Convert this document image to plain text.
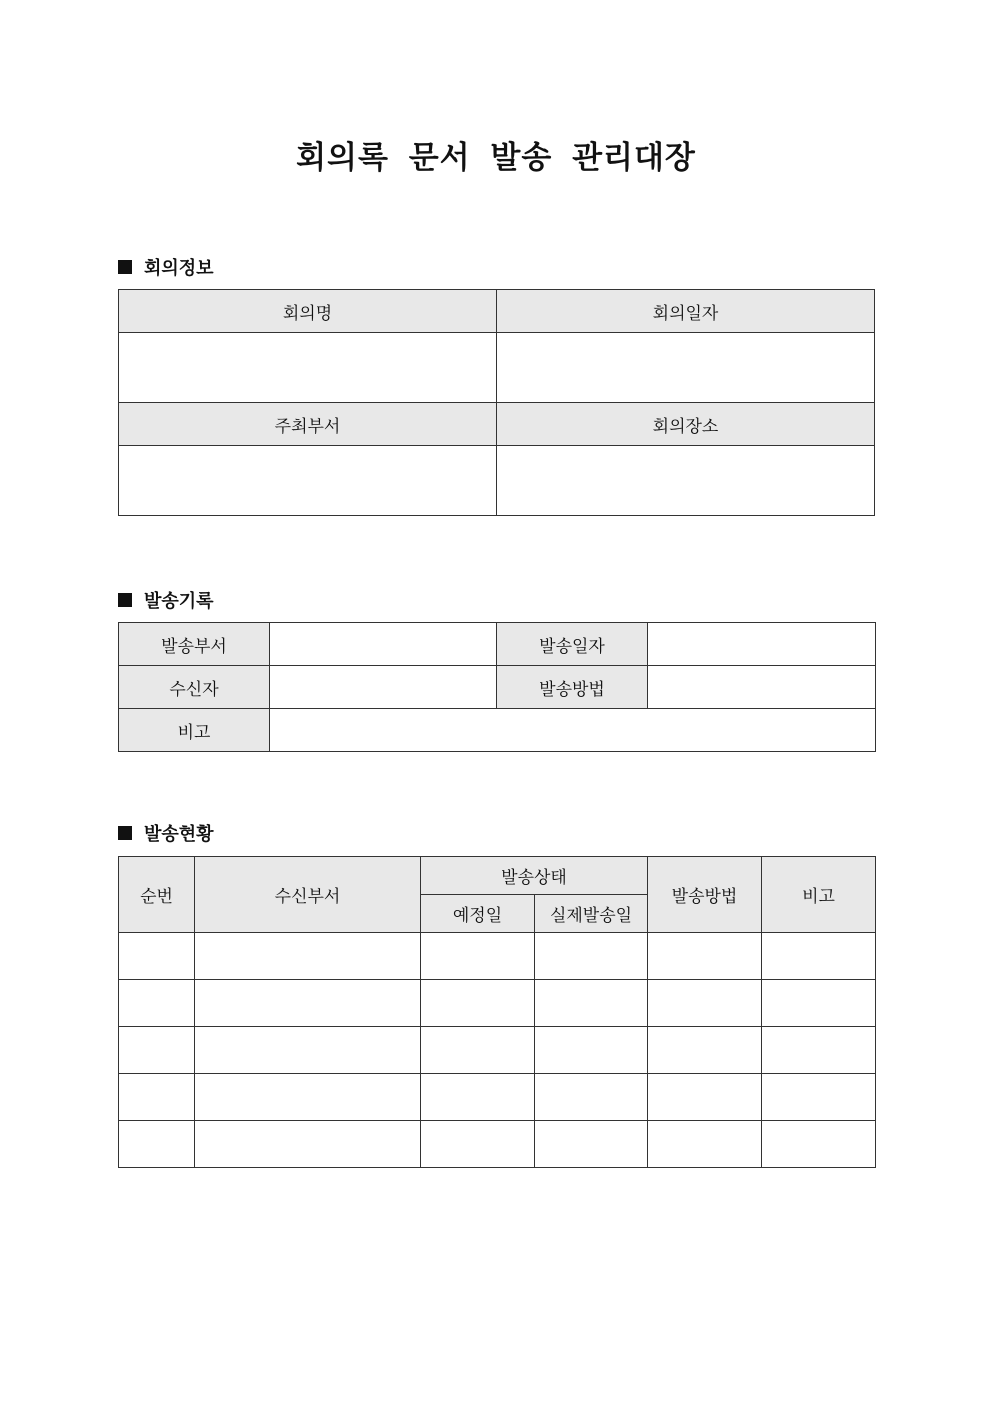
회의록 문서 발송 관리대장
회의정보
회의명	회의일자

주최부서	회의장소

발송기록
발송부서		발송일자	
수신자		발송방법	
비고			
발송현황
순번	수신부서	발송상태		발송방법	비고
		예정일	실제발송일		
